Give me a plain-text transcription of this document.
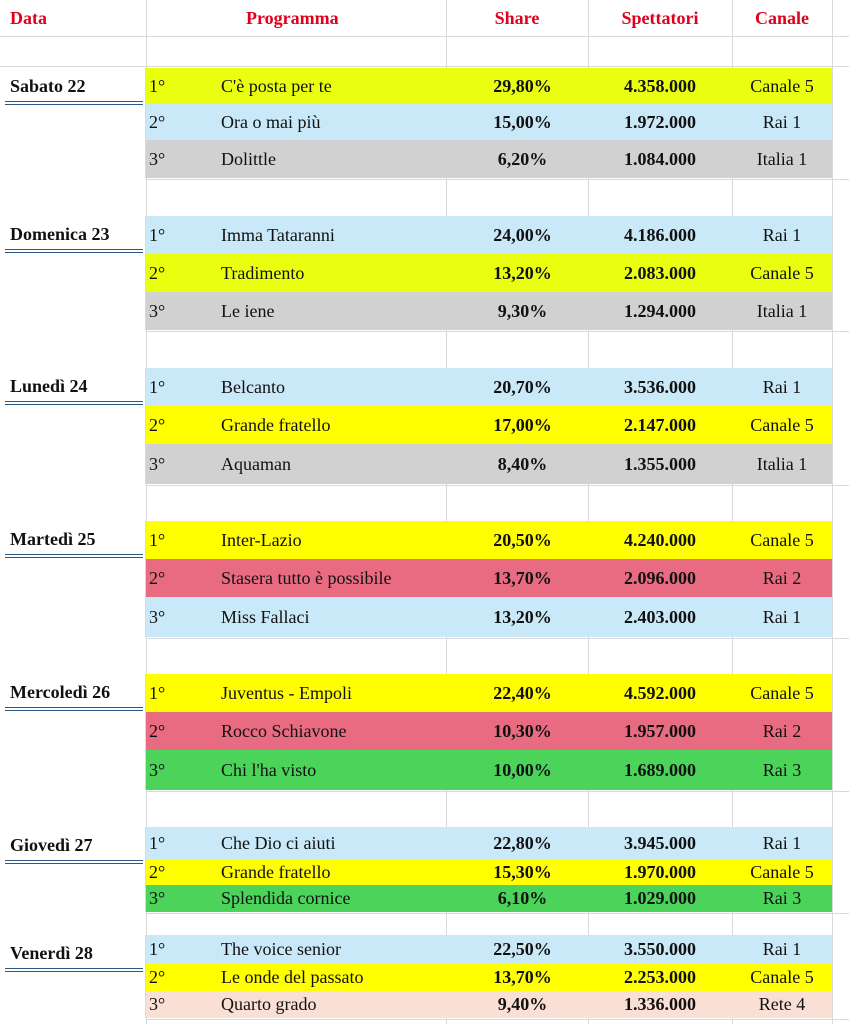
Data	Programma	Share	Spettatori	Canale
Sabato 22	1°	C'è posta per te	29,80%	4.358.000	Canale 5
2°	Ora o mai più	15,00%	1.972.000	Rai 1
3°	Dolittle	6,20%	1.084.000	Italia 1
Domenica 23	1°	Imma Tataranni	24,00%	4.186.000	Rai 1
2°	Tradimento	13,20%	2.083.000	Canale 5
3°	Le iene	9,30%	1.294.000	Italia 1
Lunedì 24	1°	Belcanto	20,70%	3.536.000	Rai 1
2°	Grande fratello	17,00%	2.147.000	Canale 5
3°	Aquaman	8,40%	1.355.000	Italia 1
Martedì 25	1°	Inter-Lazio	20,50%	4.240.000	Canale 5
2°	Stasera tutto è possibile	13,70%	2.096.000	Rai 2
3°	Miss Fallaci	13,20%	2.403.000	Rai 1
Mercoledì 26	1°	Juventus - Empoli	22,40%	4.592.000	Canale 5
2°	Rocco Schiavone	10,30%	1.957.000	Rai 2
3°	Chi l'ha visto	10,00%	1.689.000	Rai 3
Giovedì 27	1°	Che Dio ci aiuti	22,80%	3.945.000	Rai 1
2°	Grande fratello	15,30%	1.970.000	Canale 5
3°	Splendida cornice	6,10%	1.029.000	Rai 3
Venerdì 28	1°	The voice senior	22,50%	3.550.000	Rai 1
2°	Le onde del passato	13,70%	2.253.000	Canale 5
3°	Quarto grado	9,40%	1.336.000	Rete 4
